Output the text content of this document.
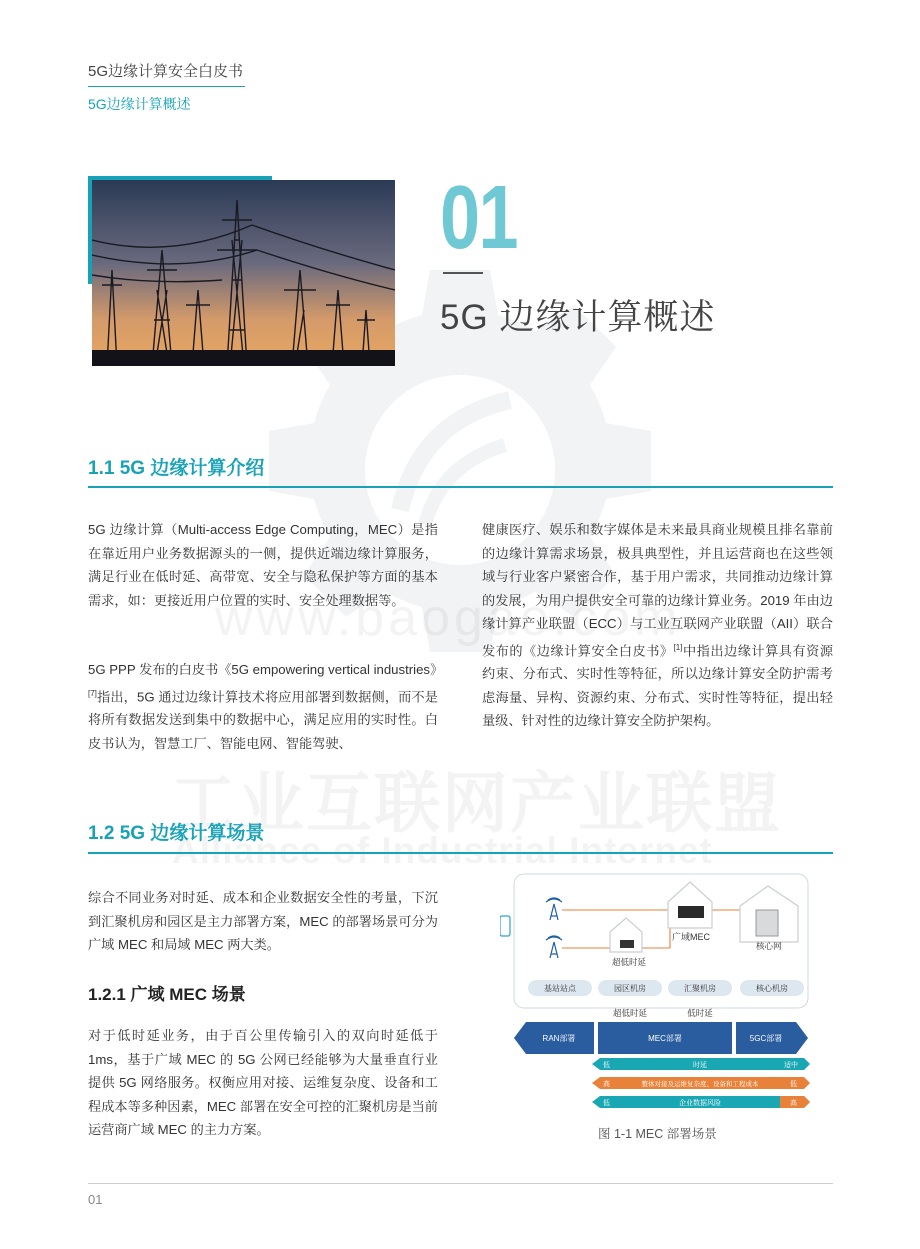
5G边缘计算安全白皮书
5G边缘计算概述
01
5G 边缘计算概述
1.1 5G 边缘计算介绍
5G 边缘计算（Multi-access Edge Computing，MEC）是指在靠近用户业务数据源头的一侧，提供近端边缘计算服务，满足行业在低时延、高带宽、安全与隐私保护等方面的基本需求，如：更接近用户位置的实时、安全处理数据等。
5G PPP 发布的白皮书《5G empowering vertical industries》[7]指出，5G 通过边缘计算技术将应用部署到数据侧，而不是将所有数据发送到集中的数据中心，满足应用的实时性。白皮书认为，智慧工厂、智能电网、智能驾驶、
健康医疗、娱乐和数字媒体是未来最具商业规模且排名靠前的边缘计算需求场景，极具典型性，并且运营商也在这些领域与行业客户紧密合作，基于用户需求，共同推动边缘计算的发展，为用户提供安全可靠的边缘计算业务。2019 年由边缘计算产业联盟（ECC）与工业互联网产业联盟（AII）联合发布的《边缘计算安全白皮书》[1]中指出边缘计算具有资源约束、分布式、实时性等特征，所以边缘计算安全防护需考虑海量、异构、资源约束、分布式、实时性等特征，提出轻量级、针对性的边缘计算安全防护架构。
1.2 5G 边缘计算场景
综合不同业务对时延、成本和企业数据安全性的考量，下沉到汇聚机房和园区是主力部署方案，MEC 的部署场景可分为广域 MEC 和局域 MEC 两大类。
1.2.1 广域 MEC 场景
对于低时延业务，由于百公里传输引入的双向时延低于 1ms，基于广域 MEC 的 5G 公网已经能够为大量垂直行业提供 5G 网络服务。权衡应用对接、运维复杂度、设备和工程成本等多种因素，MEC 部署在安全可控的汇聚机房是当前运营商广域 MEC 的主力方案。
广域MEC
核心网
超低时延
基站站点	园区机房	汇聚机房	核心机房
超低时延	低时延
RAN部署	MEC部署	5GC部署
低	时延	适中
高	整体对接及运维复杂度、设备和工程成本	低
低	企业数据风险	高
图 1-1 MEC 部署场景
01
